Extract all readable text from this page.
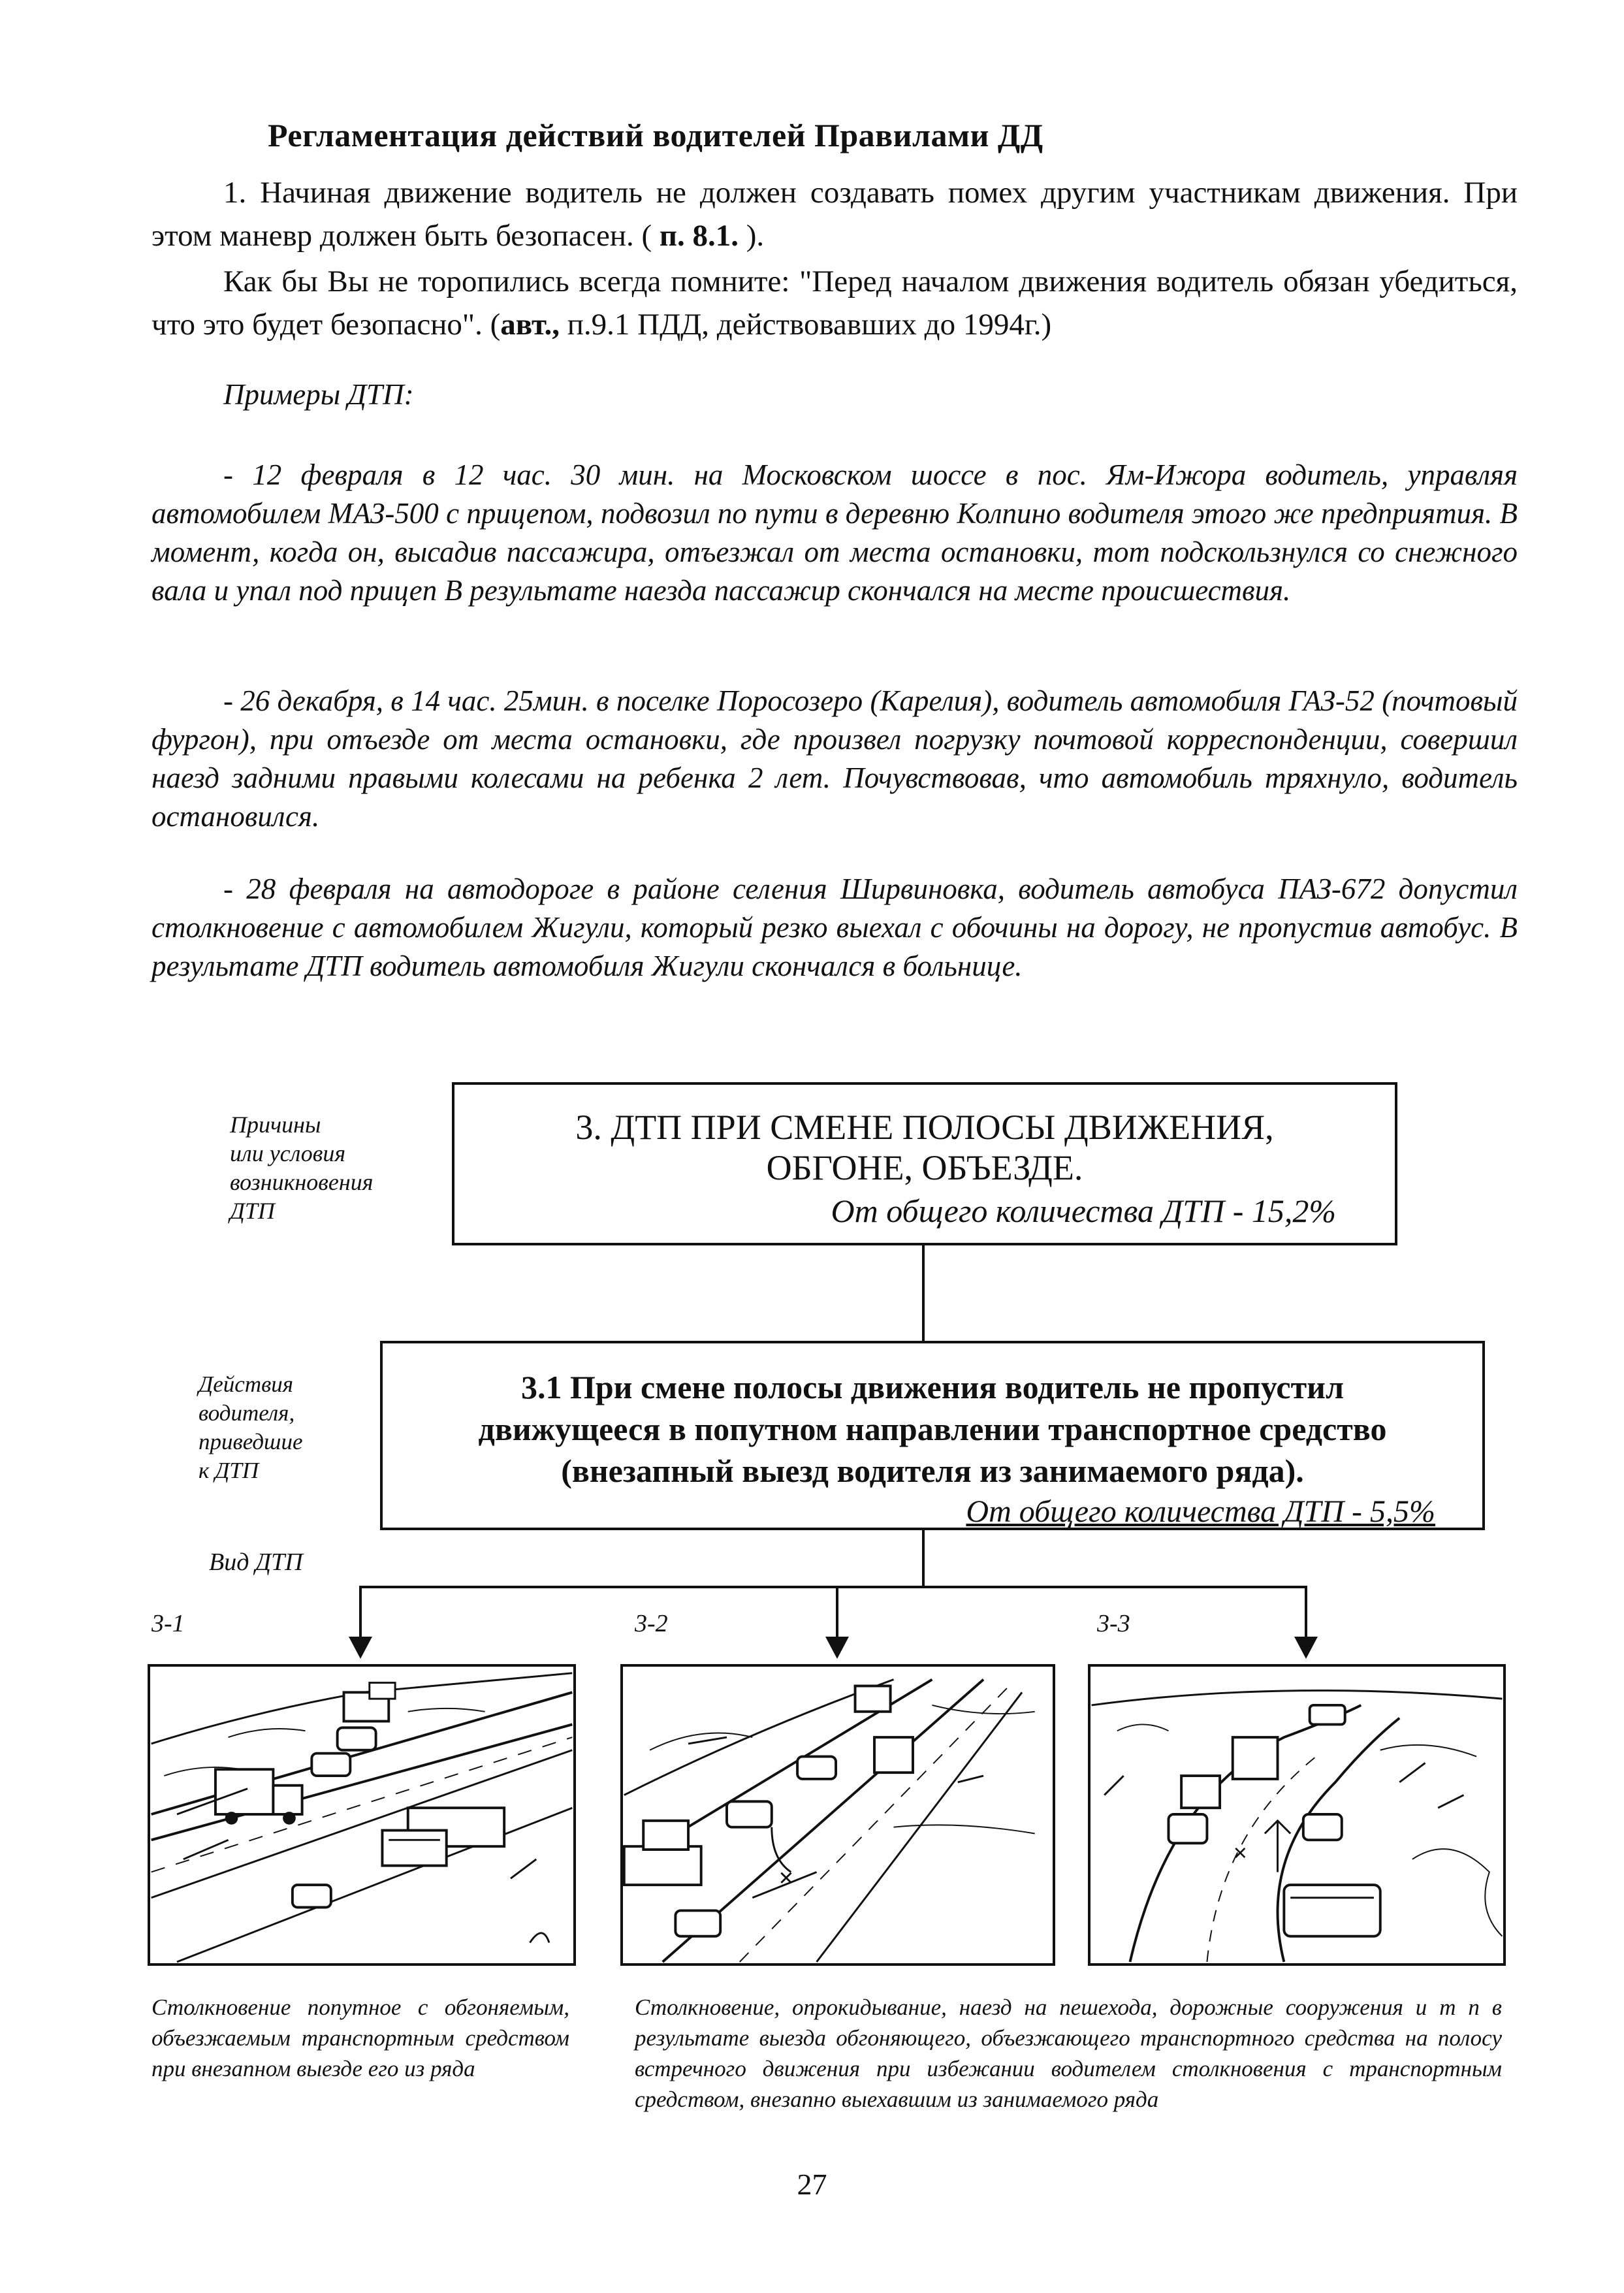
Регламентация действий водителей Правилами ДД
1. Начиная движение водитель не должен создавать помех другим участникам движения. При этом маневр должен быть безопасен. ( п. 8.1. ).
Как бы Вы не торопились всегда помните: "Перед началом движения водитель обязан убедиться, что это будет безопасно". (авт., п.9.1 ПДД, действовавших до 1994г.)
Примеры ДТП:
- 12 февраля в 12 час. 30 мин. на Московском шоссе в пос. Ям-Ижора водитель, управляя автомобилем МАЗ-500 с прицепом, подвозил по пути в деревню Колпино водителя этого же предприятия. В момент, когда он, высадив пассажира, отъезжал от места остановки, тот подскользнулся со снежного вала и упал под прицеп В результате наезда пассажир скончался на месте происшествия.
- 26 декабря, в 14 час. 25мин. в поселке Поросозеро (Карелия), водитель автомобиля ГАЗ-52 (почтовый фургон), при отъезде от места остановки, где произвел погрузку почтовой корреспонденции, совершил наезд задними правыми колесами на ребенка 2 лет. Почувствовав, что автомобиль тряхнуло, водитель остановился.
- 28 февраля на автодороге в районе селения Ширвиновка, водитель автобуса ПАЗ-672 допустил столкновение с автомобилем Жигули, который резко выехал с обочины на дорогу, не пропустив автобус. В результате ДТП водитель автомобиля Жигули скончался в больнице.
Причины
или условия
возникновения
ДТП
3. ДТП ПРИ СМЕНЕ ПОЛОСЫ ДВИЖЕНИЯ,
ОБГОНЕ, ОБЪЕЗДЕ.
От общего количества ДТП - 15,2%
Действия
водителя,
приведшие
к ДТП
3.1 При смене полосы движения водитель не пропустил
движущееся в попутном направлении транспортное средство
(внезапный выезд водителя из занимаемого ряда).
От общего количества ДТП - 5,5%
Вид ДТП
3-1	3-2	3-3
✕
✕
Столкновение попутное с обгоняемым, объезжаемым транспортным средством при внезапном выезде его из ряда
Столкновение, опрокидывание, наезд на пешехода, дорожные сооружения и т п в результате выезда обгоняющего, объезжающего транспортного средства на полосу встречного движения при избежании водителем столкновения с транспортным средством, внезапно выехавшим из занимаемого ряда
27
